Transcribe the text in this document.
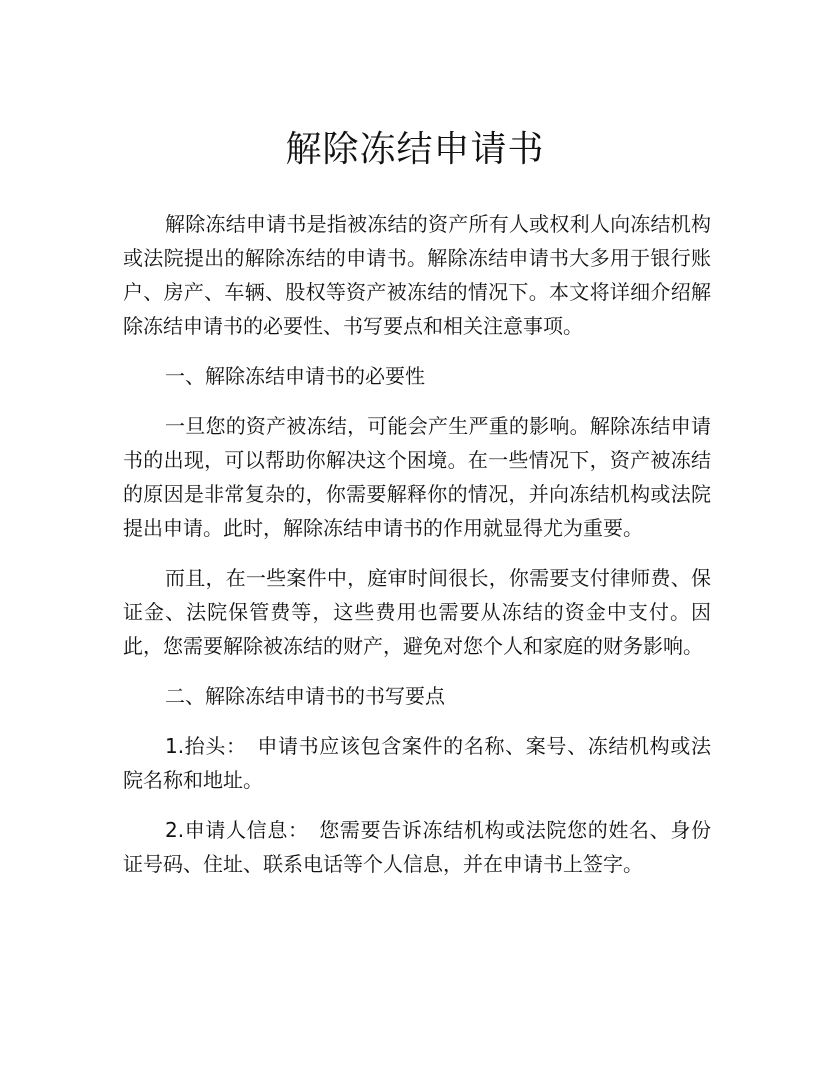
​
解除冻结申请书

解除冻结申请书是指被冻结的资产所有人或权利人向冻结机构或法院提出的解除冻结的申请书。解除冻结申请书大多用于银行账户、房产、车辆、股权等资产被冻结的情况下。本文将详细介绍解除冻结申请书的必要性、书写要点和相关注意事项。

一、解除冻结申请书的必要性

一旦您的资产被冻结，可能会产生严重的影响。解除冻结申请书的出现，可以帮助你解决这个困境。在一些情况下，资产被冻结的原因是非常复杂的，你需要解释你的情况，并向冻结机构或法院提出申请。此时，解除冻结申请书的作用就显得尤为重要。

而且，在一些案件中，庭审时间很长，你需要支付律师费、保证金、法院保管费等，这些费用也需要从冻结的资金中支付。因此，您需要解除被冻结的财产，避免对您个人和家庭的财务影响。

二、解除冻结申请书的书写要点

1.抬头：　申请书应该包含案件的名称、案号、冻结机构或法院名称和地址。

2.申请人信息：　您需要告诉冻结机构或法院您的姓名、身份证号码、住址、联系电话等个人信息，并在申请书上签字。
